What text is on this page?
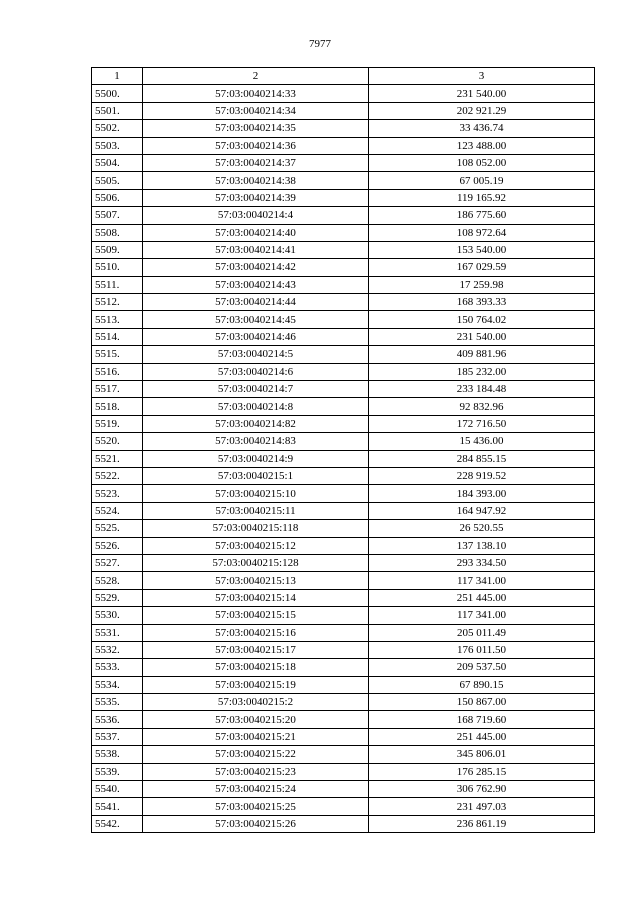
7977
1	2	3
5500.	57:03:0040214:33	231 540.00
5501.	57:03:0040214:34	202 921.29
5502.	57:03:0040214:35	33 436.74
5503.	57:03:0040214:36	123 488.00
5504.	57:03:0040214:37	108 052.00
5505.	57:03:0040214:38	67 005.19
5506.	57:03:0040214:39	119 165.92
5507.	57:03:0040214:4	186 775.60
5508.	57:03:0040214:40	108 972.64
5509.	57:03:0040214:41	153 540.00
5510.	57:03:0040214:42	167 029.59
5511.	57:03:0040214:43	17 259.98
5512.	57:03:0040214:44	168 393.33
5513.	57:03:0040214:45	150 764.02
5514.	57:03:0040214:46	231 540.00
5515.	57:03:0040214:5	409 881.96
5516.	57:03:0040214:6	185 232.00
5517.	57:03:0040214:7	233 184.48
5518.	57:03:0040214:8	92 832.96
5519.	57:03:0040214:82	172 716.50
5520.	57:03:0040214:83	15 436.00
5521.	57:03:0040214:9	284 855.15
5522.	57:03:0040215:1	228 919.52
5523.	57:03:0040215:10	184 393.00
5524.	57:03:0040215:11	164 947.92
5525.	57:03:0040215:118	26 520.55
5526.	57:03:0040215:12	137 138.10
5527.	57:03:0040215:128	293 334.50
5528.	57:03:0040215:13	117 341.00
5529.	57:03:0040215:14	251 445.00
5530.	57:03:0040215:15	117 341.00
5531.	57:03:0040215:16	205 011.49
5532.	57:03:0040215:17	176 011.50
5533.	57:03:0040215:18	209 537.50
5534.	57:03:0040215:19	67 890.15
5535.	57:03:0040215:2	150 867.00
5536.	57:03:0040215:20	168 719.60
5537.	57:03:0040215:21	251 445.00
5538.	57:03:0040215:22	345 806.01
5539.	57:03:0040215:23	176 285.15
5540.	57:03:0040215:24	306 762.90
5541.	57:03:0040215:25	231 497.03
5542.	57:03:0040215:26	236 861.19
